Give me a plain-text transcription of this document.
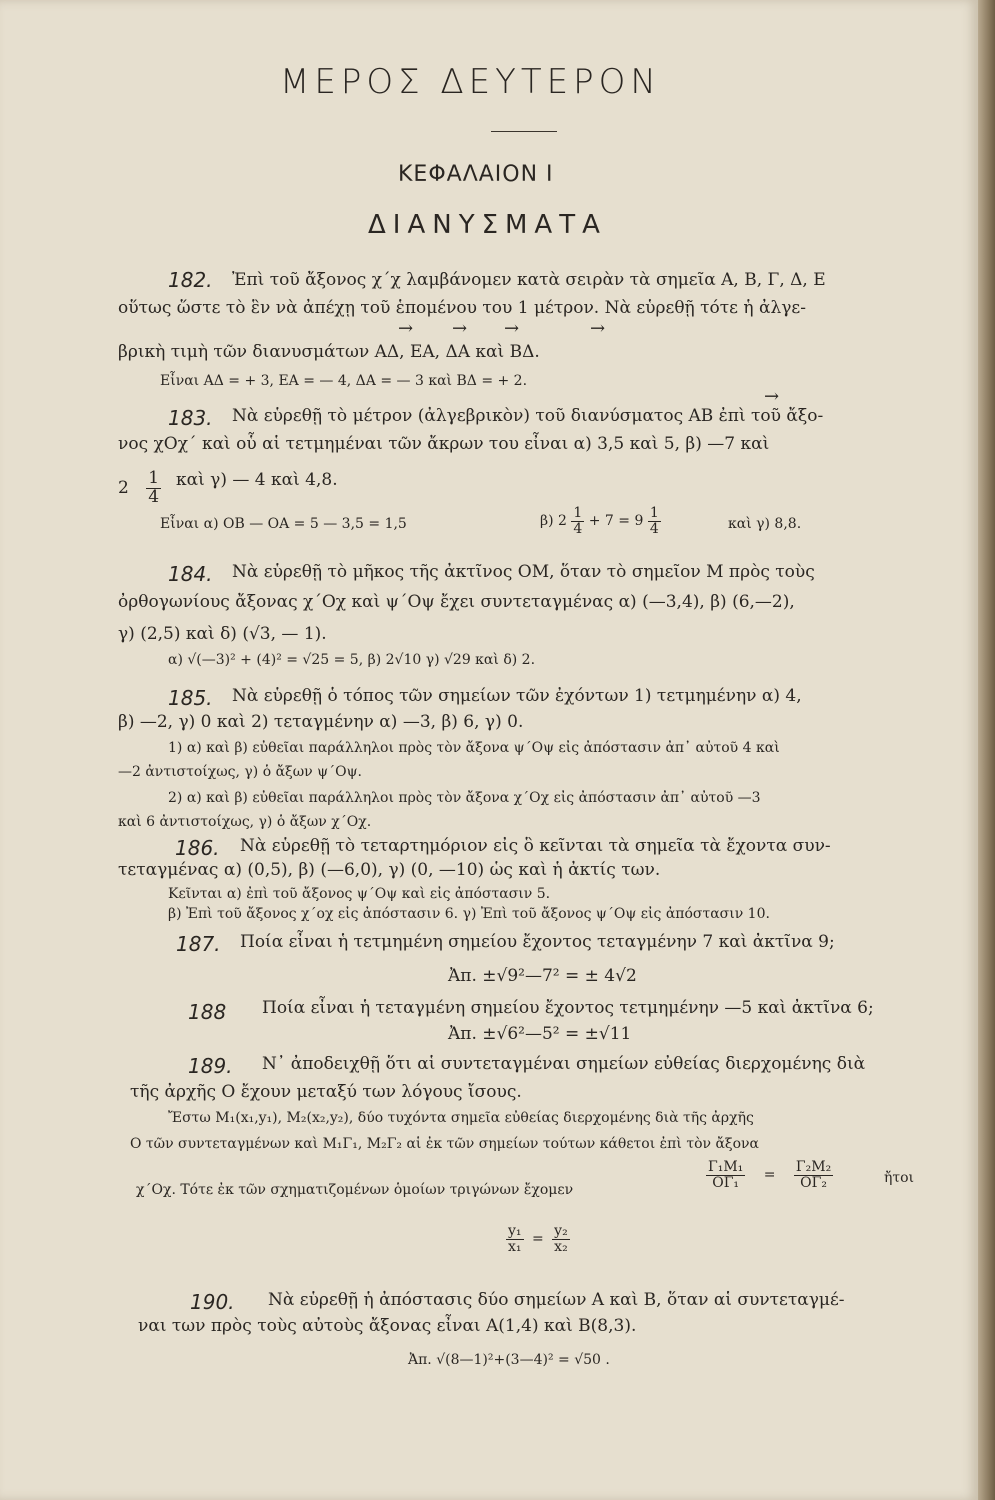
ΜΕΡΟΣ ΔΕΥΤΕΡΟΝ
ΚΕΦΑΛΑΙΟΝ Ι
ΔΙΑΝΥΣΜΑΤΑ
182. Ἐπὶ τοῦ ἄξονος χ΄χ λαμβάνομεν κατὰ σειρὰν τὰ σημεῖα Α, Β, Γ, Δ, Ε
οὕτως ὥστε τὸ ἓν νὰ ἀπέχῃ τοῦ ἑπομένου του 1 μέτρον. Νὰ εὑρεθῇ τότε ἡ ἀλγε-
→ → →	→
βρικὴ τιμὴ τῶν διανυσμάτων ΑΔ, ΕΑ, ΔΑ καὶ ΒΔ.
Εἶναι ΑΔ = + 3, ΕΑ = — 4, ΔΑ = — 3 καὶ ΒΔ = + 2.
→
183. Νὰ εὑρεθῇ τὸ μέτρον (ἀλγεβρικὸν) τοῦ διανύσματος ΑΒ ἐπὶ τοῦ ἄξο-
νος χΟχ΄ καὶ οὗ αἱ τετμημέναι τῶν ἄκρων του εἶναι α) 3,5 καὶ 5, β) —7 καὶ
$2 \frac{1}{4}$ καὶ γ) — 4 καὶ 4,8.
Εἶναι α) ΟΒ — ΟΑ = 5 — 3,5 = 1,5	β) $2 \frac{1}{4} + 7 = 9 \frac{1}{4}$	καὶ γ) 8,8.
184. Νὰ εὑρεθῇ τὸ μῆκος τῆς ἀκτῖνος ΟΜ, ὅταν τὸ σημεῖον Μ πρὸς τοὺς
ὀρθογωνίους ἄξονας χ΄Οχ καὶ ψ΄Οψ ἔχει συντεταγμένας α) (—3,4), β) (6,—2),
γ) (2,5) καὶ δ) (√3, — 1).
α) √(—3)² + (4)² = √25 = 5, β) 2√10 γ) √29 καὶ δ) 2.
185. Νὰ εὑρεθῇ ὁ τόπος τῶν σημείων τῶν ἐχόντων 1) τετμημένην α) 4,
β) —2, γ) 0 καὶ 2) τεταγμένην α) —3, β) 6, γ) 0.
1) α) καὶ β) εὐθεῖαι παράλληλοι πρὸς τὸν ἄξονα ψ΄Οψ εἰς ἀπόστασιν ἀπ᾿ αὐτοῦ 4 καὶ
—2 ἀντιστοίχως, γ) ὁ ἄξων ψ΄Οψ.
2) α) καὶ β) εὐθεῖαι παράλληλοι πρὸς τὸν ἄξονα χ΄Οχ εἰς ἀπόστασιν ἀπ᾿ αὐτοῦ —3
καὶ 6 ἀντιστοίχως, γ) ὁ ἄξων χ΄Οχ.
186. Νὰ εὑρεθῇ τὸ τεταρτημόριον εἰς ὃ κεῖνται τὰ σημεῖα τὰ ἔχοντα συν-
τεταγμένας α) (0,5), β) (—6,0), γ) (0, —10) ὡς καὶ ἡ ἀκτίς των.
Κεῖνται α) ἐπὶ τοῦ ἄξονος ψ΄Οψ καὶ εἰς ἀπόστασιν 5.
β) Ἐπὶ τοῦ ἄξονος χ΄οχ εἰς ἀπόστασιν 6. γ) Ἐπὶ τοῦ ἄξονος ψ΄Οψ εἰς ἀπόστασιν 10.
187. Ποία εἶναι ἡ τετμημένη σημείου ἔχοντος τεταγμένην 7 καὶ ἀκτῖνα 9;
Ἀπ. ±√9²—7² = ± 4√2
188 Ποία εἶναι ἡ τεταγμένη σημείου ἔχοντος τετμημένην —5 καὶ ἀκτῖνα 6;
Ἀπ. ±√6²—5² = ±√11
189. Ν᾿ ἀποδειχθῇ ὅτι αἱ συντεταγμέναι σημείων εὐθείας διερχομένης διὰ
τῆς ἀρχῆς Ο ἔχουν μεταξύ των λόγους ἴσους.
Ἔστω Μ₁(x₁,y₁), Μ₂(x₂,y₂), δύο τυχόντα σημεῖα εὐθείας διερχομένης διὰ τῆς ἀρχῆς
Ο τῶν συντεταγμένων καὶ Μ₁Γ₁, Μ₂Γ₂ αἱ ἐκ τῶν σημείων τούτων κάθετοι ἐπὶ τὸν ἄξονα
χ΄Οχ. Τότε ἐκ τῶν σχηματιζομένων ὁμοίων τριγώνων ἔχομεν	$\frac{\text{Γ₁Μ₁}}{\text{ΟΓ₁}} = \frac{\text{Γ₂Μ₂}}{\text{ΟΓ₂}}$	ἤτοι
$\frac{\text{y₁}}{\text{x₁}} = \frac{\text{y₂}}{\text{x₂}}$
190. Νὰ εὑρεθῇ ἡ ἀπόστασις δύο σημείων Α καὶ Β, ὅταν αἱ συντεταγμέ-
ναι των πρὸς τοὺς αὐτοὺς ἄξονας εἶναι Α(1,4) καὶ Β(8,3).
Ἀπ. √(8—1)²+(3—4)² = √50 .
